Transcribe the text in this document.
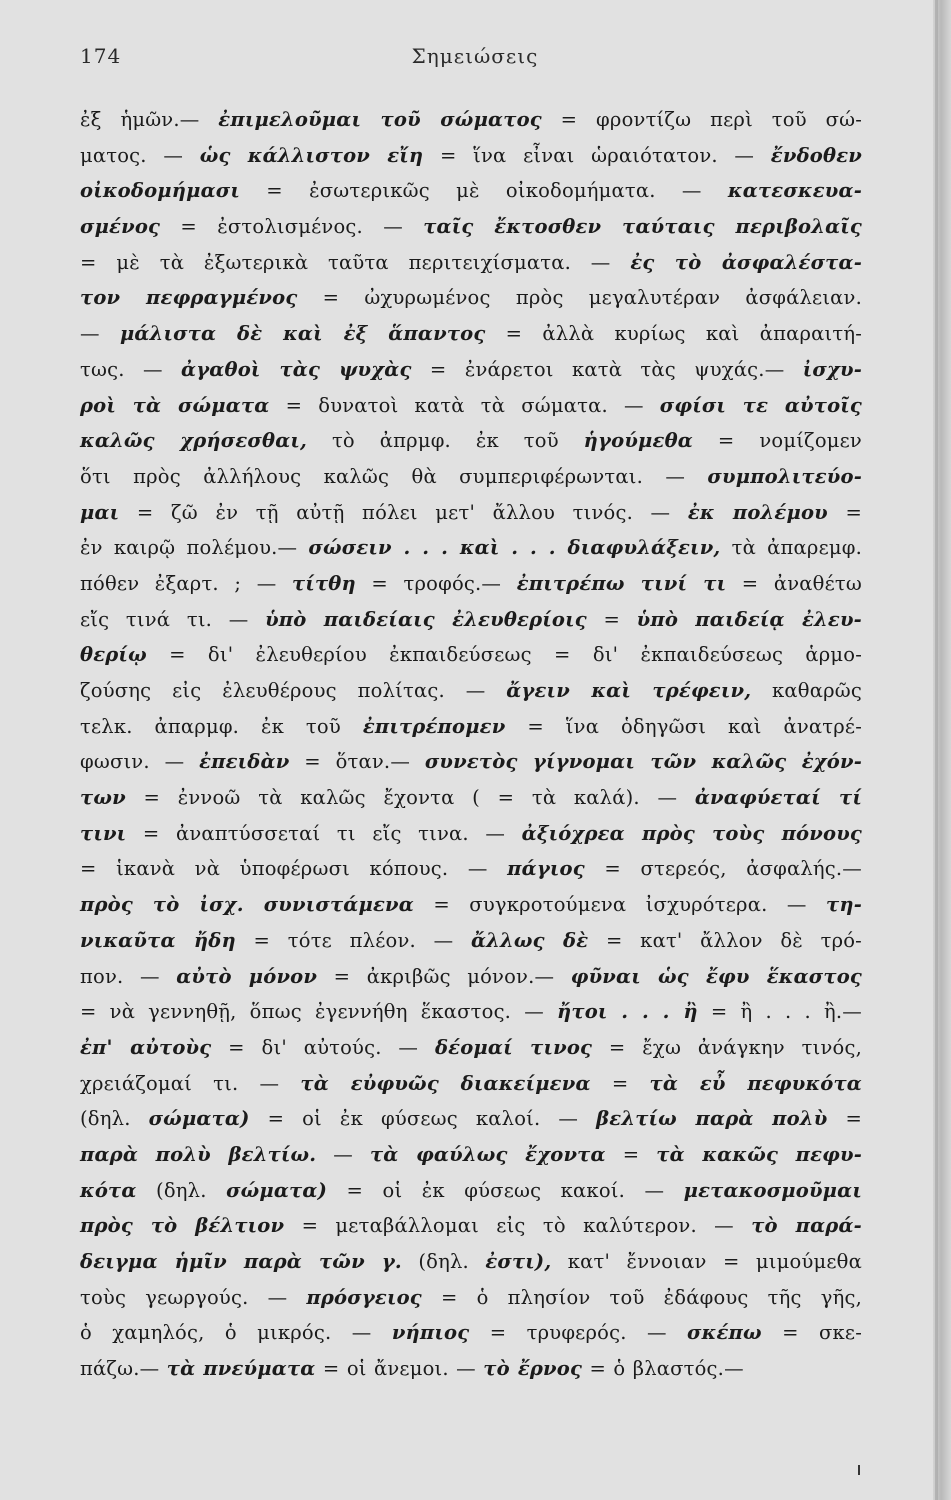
174	Σημειώσεις
ἐξ ἡμῶν.— ἐπιμελοῦμαι τοῦ σώματος = φροντίζω περὶ τοῦ σώ-
ματος. — ὡς κάλλιστον εἴη = ἵνα εἶναι ὡραιότατον. — ἔνδοθεν
οἰκοδομήμασι = ἐσωτερικῶς μὲ οἰκοδομήματα. — κατεσκευα-
σμένος = ἐστολισμένος. — ταῖς ἔκτοσθεν ταύταις περιβολαῖς
= μὲ τὰ ἐξωτερικὰ ταῦτα περιτειχίσματα. — ἐς τὸ ἀσφαλέστα-
τον πεφραγμένος = ὠχυρωμένος πρὸς μεγαλυτέραν ἀσφάλειαν.
— μάλιστα δὲ καὶ ἐξ ἅπαντος = ἀλλὰ κυρίως καὶ ἀπαραιτή-
τως. — ἀγαθοὶ τὰς ψυχὰς = ἐνάρετοι κατὰ τὰς ψυχάς.— ἰσχυ-
ροὶ τὰ σώματα = δυνατοὶ κατὰ τὰ σώματα. — σφίσι τε αὐτοῖς
καλῶς χρήσεσθαι, τὸ ἀπρμφ. ἐκ τοῦ ἡγούμεθα = νομίζομεν
ὅτι πρὸς ἀλλήλους καλῶς θὰ συμπεριφέρωνται. — συμπολιτεύο-
μαι = ζῶ ἐν τῇ αὐτῇ πόλει μετ' ἄλλου τινός. — ἐκ πολέμου =
ἐν καιρῷ πολέμου.— σώσειν . . . καὶ . . . διαφυλάξειν, τὰ ἀπαρεμφ.
πόθεν ἐξαρτ. ; — τίτθη = τροφός.— ἐπιτρέπω τινί τι = ἀναθέτω
εἴς τινά τι. — ὑπὸ παιδείαις ἐλευθερίοις = ὑπὸ παιδείᾳ ἐλευ-
θερίῳ = δι' ἐλευθερίου ἐκπαιδεύσεως = δι' ἐκπαιδεύσεως ἁρμο-
ζούσης εἰς ἐλευθέρους πολίτας. — ἄγειν καὶ τρέφειν, καθαρῶς
τελκ. ἀπαρμφ. ἐκ τοῦ ἐπιτρέπομεν = ἵνα ὁδηγῶσι καὶ ἀνατρέ-
φωσιν. — ἐπειδὰν = ὅταν.— συνετὸς γίγνομαι τῶν καλῶς ἐχόν-
των = ἐννοῶ τὰ καλῶς ἔχοντα ( = τὰ καλά). — ἀναφύεταί τί
τινι = ἀναπτύσσεταί τι εἴς τινα. — ἀξιόχρεα πρὸς τοὺς πόνους
= ἱκανὰ νὰ ὑποφέρωσι κόπους. — πάγιος = στερεός, ἀσφαλής.—
πρὸς τὸ ἰσχ. συνιστάμενα = συγκροτούμενα ἰσχυρότερα. — τη-
νικαῦτα ἤδη = τότε πλέον. — ἄλλως δὲ = κατ' ἄλλον δὲ τρό-
πον. — αὐτὸ μόνον = ἀκριβῶς μόνον.— φῦναι ὡς ἔφυ ἕκαστος
= νὰ γεννηθῇ, ὅπως ἐγεννήθη ἕκαστος. — ἤτοι . . . ἢ = ἢ . . . ἢ.—
ἐπ' αὐτοὺς = δι' αὐτούς. — δέομαί τινος = ἔχω ἀνάγκην τινός,
χρειάζομαί τι. — τὰ εὐφυῶς διακείμενα = τὰ εὖ πεφυκότα
(δηλ. σώματα) = οἱ ἐκ φύσεως καλοί. — βελτίω παρὰ πολὺ =
παρὰ πολὺ βελτίω. — τὰ φαύλως ἔχοντα = τὰ κακῶς πεφυ-
κότα (δηλ. σώματα) = οἱ ἐκ φύσεως κακοί. — μετακοσμοῦμαι
πρὸς τὸ βέλτιον = μεταβάλλομαι εἰς τὸ καλύτερον. — τὸ παρά-
δειγμα ἡμῖν παρὰ τῶν γ. (δηλ. ἐστι), κατ' ἔννοιαν = μιμούμεθα
τοὺς γεωργούς. — πρόσγειος = ὁ πλησίον τοῦ ἐδάφους τῆς γῆς,
ὁ χαμηλός, ὁ μικρός. — νήπιος = τρυφερός. — σκέπω = σκε-
πάζω.— τὰ πνεύματα = οἱ ἄνεμοι. — τὸ ἔρνος = ὁ βλαστός.—
